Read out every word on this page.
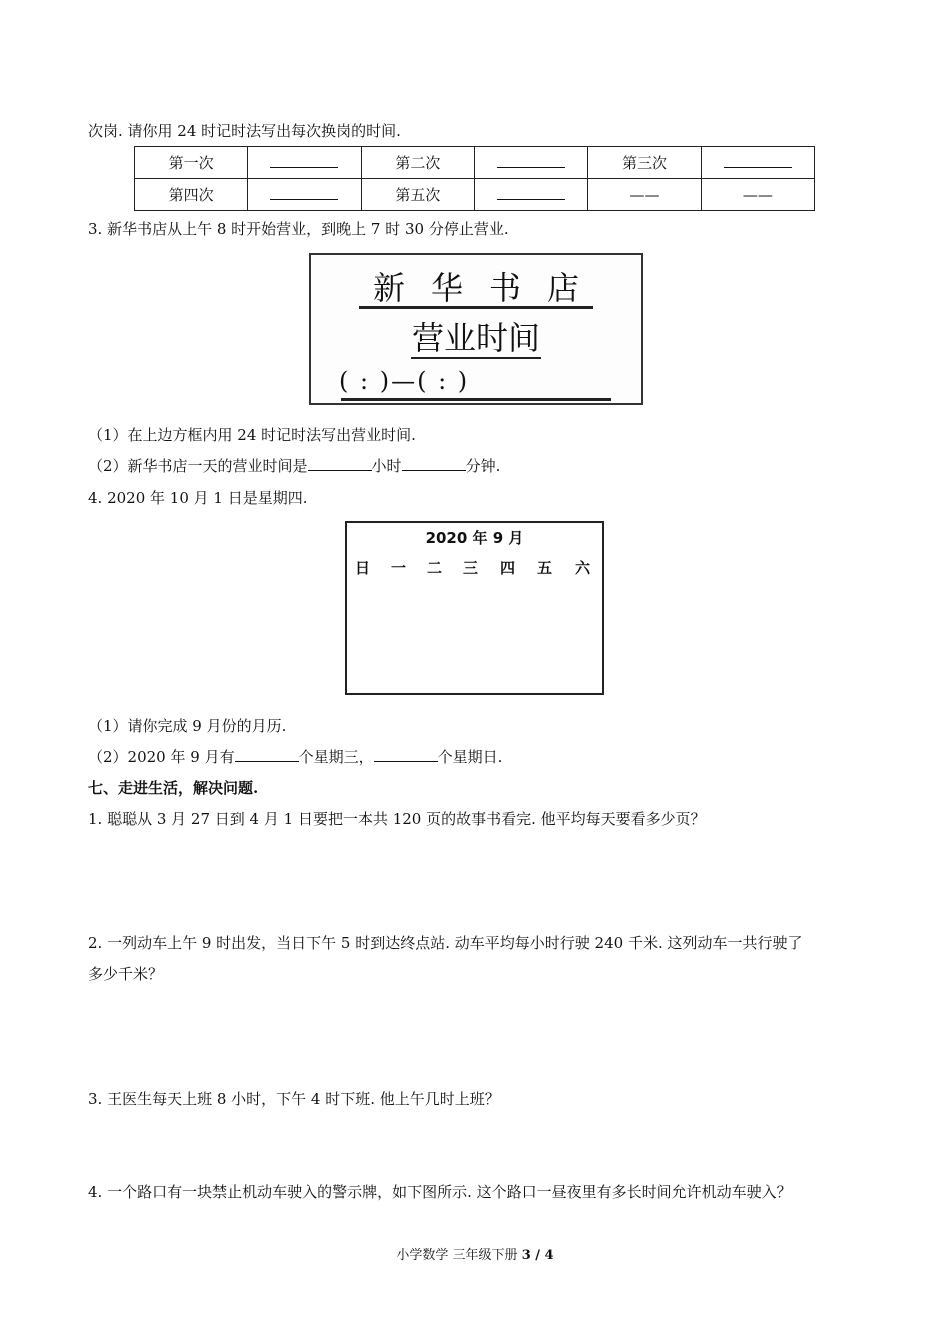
次岗. 请你用 24 时记时法写出每次换岗的时间.
第一次		第二次		第三次	
第四次		第五次		——	——
3. 新华书店从上午 8 时开始营业，到晚上 7 时 30 分停止营业.
新华书店
营业时间
( : )—( : )
（1）在上边方框内用 24 时记时法写出营业时间.
（2）新华书店一天的营业时间是	小时	分钟.
4. 2020 年 10 月 1 日是星期四.
2020 年 9 月
日 一 二 三 四 五 六
（1）请你完成 9 月份的月历.
（2）2020 年 9 月有	个星期三，	个星期日.
七、走进生活，解决问题.
1. 聪聪从 3 月 27 日到 4 月 1 日要把一本共 120 页的故事书看完. 他平均每天要看多少页？
2. 一列动车上午 9 时出发，当日下午 5 时到达终点站. 动车平均每小时行驶 240 千米. 这列动车一共行驶了
多少千米？
3. 王医生每天上班 8 小时，下午 4 时下班. 他上午几时上班？
4. 一个路口有一块禁止机动车驶入的警示牌，如下图所示. 这个路口一昼夜里有多长时间允许机动车驶入？
小学数学 三年级下册 3 / 4
